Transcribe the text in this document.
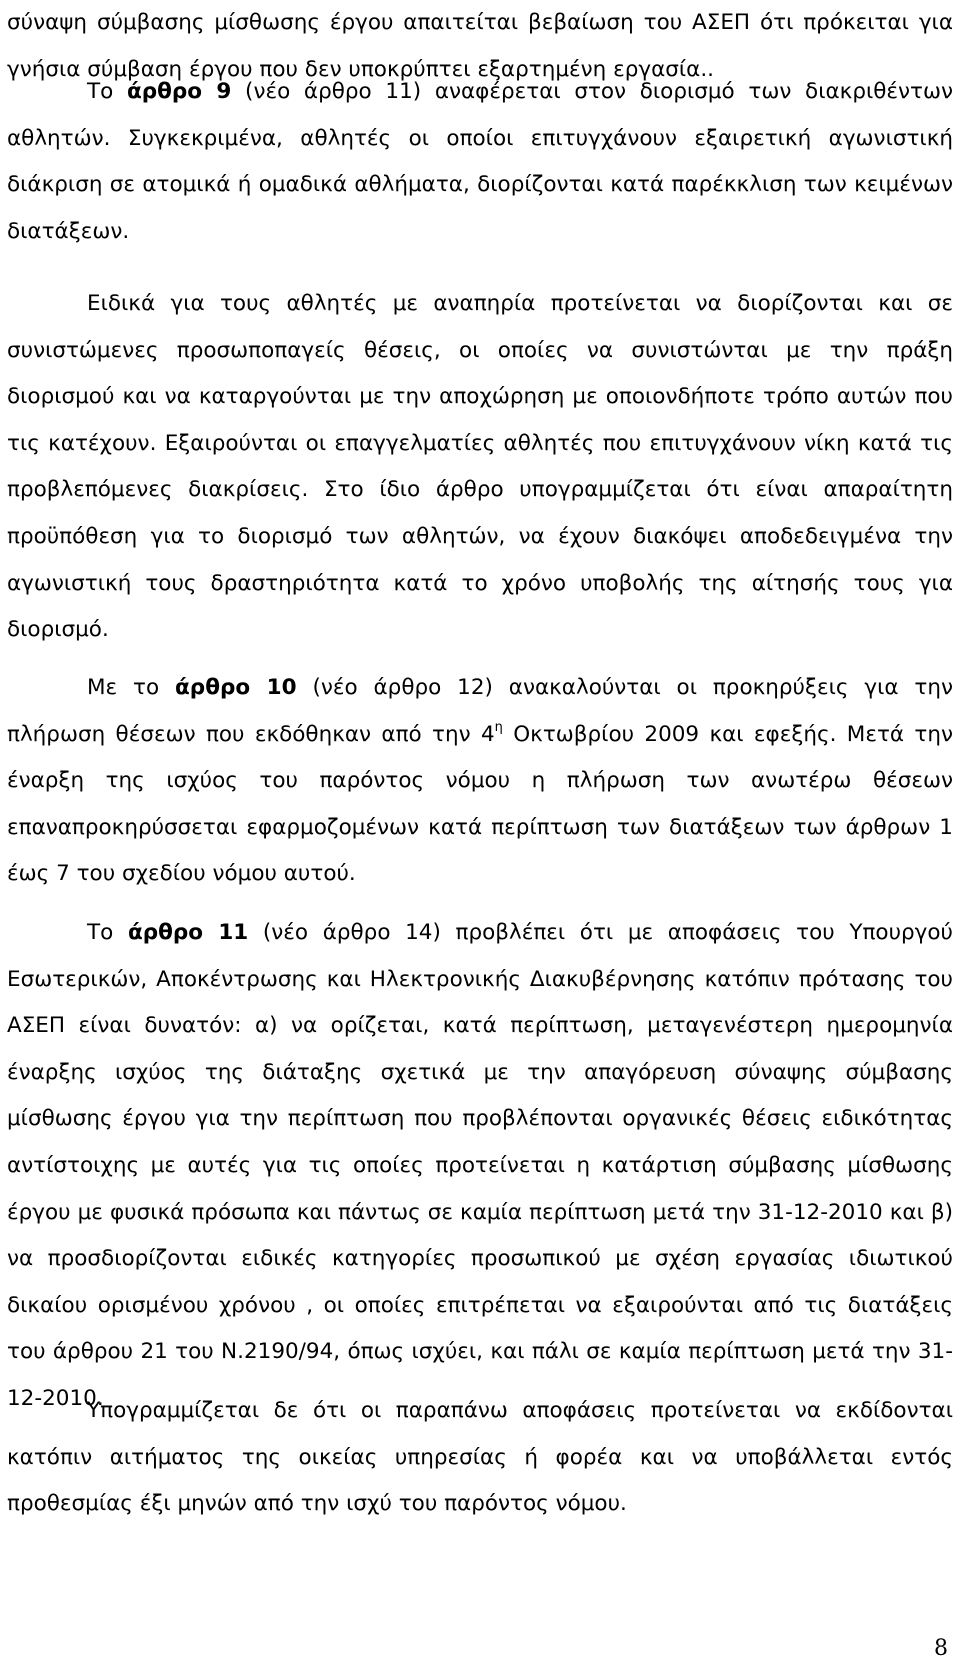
σύναψη σύμβασης μίσθωσης έργου απαιτείται βεβαίωση του ΑΣΕΠ ότι πρόκειται για γνήσια σύμβαση έργου που δεν υποκρύπτει εξαρτημένη εργασία..

Το άρθρο 9 (νέο άρθρο 11) αναφέρεται στον διορισμό των διακριθέντων αθλητών. Συγκεκριμένα, αθλητές οι οποίοι επιτυγχάνουν εξαιρετική αγωνιστική διάκριση σε ατομικά ή ομαδικά αθλήματα, διορίζονται κατά παρέκκλιση των κειμένων διατάξεων.

Ειδικά για τους αθλητές με αναπηρία προτείνεται να διορίζονται και σε συνιστώμενες προσωποπαγείς θέσεις, οι οποίες να συνιστώνται με την πράξη διορισμού και να καταργούνται με την αποχώρηση με οποιονδήποτε τρόπο αυτών που τις κατέχουν. Εξαιρούνται οι επαγγελματίες αθλητές που επιτυγχάνουν νίκη κατά τις προβλεπόμενες διακρίσεις. Στο ίδιο άρθρο υπογραμμίζεται ότι είναι απαραίτητη προϋπόθεση για το διορισμό των αθλητών, να έχουν διακόψει αποδεδειγμένα την αγωνιστική τους δραστηριότητα κατά το χρόνο υποβολής της αίτησής τους για διορισμό.

Με το άρθρο 10 (νέο άρθρο 12) ανακαλούνται οι προκηρύξεις για την πλήρωση θέσεων που εκδόθηκαν από την $4^\eta$ Οκτωβρίου 2009 και εφεξής. Μετά την έναρξη της ισχύος του παρόντος νόμου η πλήρωση των ανωτέρω θέσεων επαναπροκηρύσσεται εφαρμοζομένων κατά περίπτωση των διατάξεων των άρθρων 1 έως 7 του σχεδίου νόμου αυτού.

Το άρθρο 11 (νέο άρθρο 14) προβλέπει ότι με αποφάσεις του Υπουργού Εσωτερικών, Αποκέντρωσης και Ηλεκτρονικής Διακυβέρνησης κατόπιν πρότασης του ΑΣΕΠ είναι δυνατόν: α) να ορίζεται, κατά περίπτωση, μεταγενέστερη ημερομηνία έναρξης ισχύος της διάταξης σχετικά με την απαγόρευση σύναψης σύμβασης μίσθωσης έργου για την περίπτωση που προβλέπονται οργανικές θέσεις ειδικότητας αντίστοιχης με αυτές για τις οποίες προτείνεται η κατάρτιση σύμβασης μίσθωσης έργου με φυσικά πρόσωπα και πάντως σε καμία περίπτωση μετά την 31-12-2010 και β) να προσδιορίζονται ειδικές κατηγορίες προσωπικού με σχέση εργασίας ιδιωτικού δικαίου ορισμένου χρόνου , οι οποίες επιτρέπεται να εξαιρούνται από τις διατάξεις του άρθρου 21 του Ν.2190/94, όπως ισχύει, και πάλι σε καμία περίπτωση μετά την 31-12-2010.

Υπογραμμίζεται δε ότι οι παραπάνω αποφάσεις προτείνεται να εκδίδονται κατόπιν αιτήματος της οικείας υπηρεσίας ή φορέα και να υποβάλλεται εντός προθεσμίας έξι μηνών από την ισχύ του παρόντος νόμου.

8
